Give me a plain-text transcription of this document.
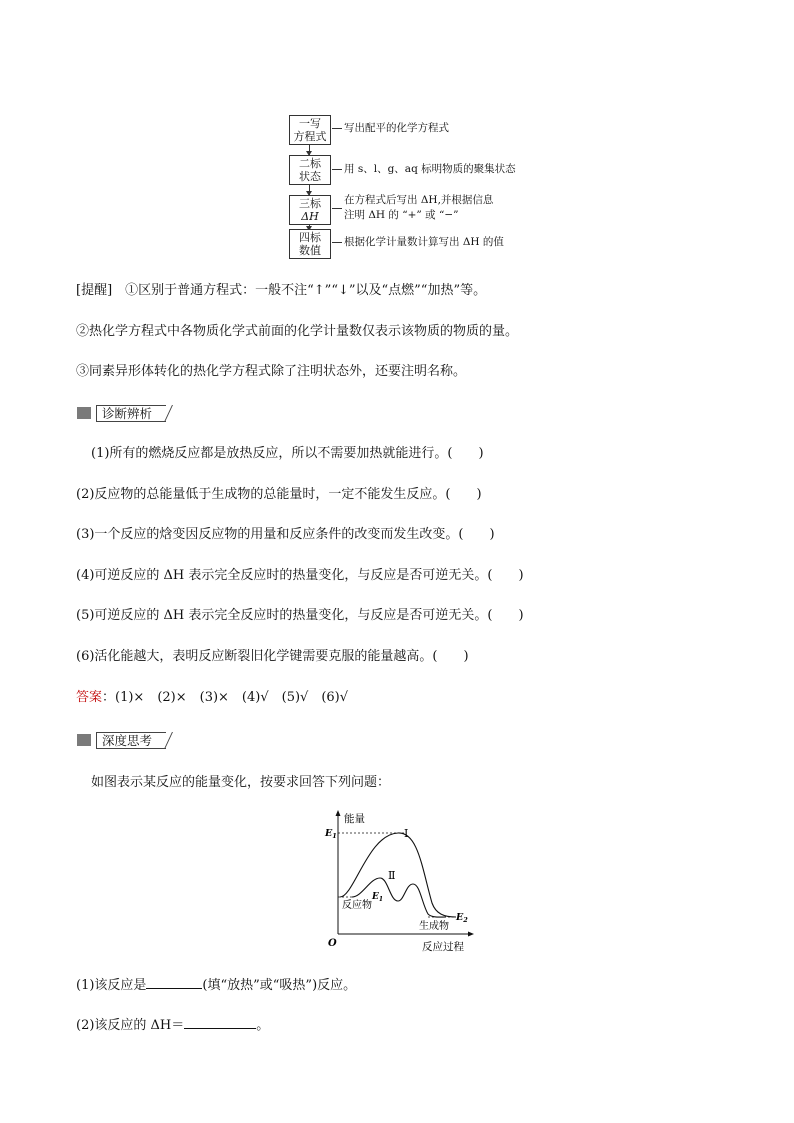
一写
方程式
写出配平的化学方程式
二标
状态
用 s、l、g、aq 标明物质的聚集状态
三标
ΔH
在方程式后写出 ΔH,并根据信息
注明 ΔH 的 “+” 或 “−”
四标
数值
根据化学计量数计算写出 ΔH 的值
[提醒]　①区别于普通方程式：一般不注“↑”“↓”以及“点燃”“加热”等。
②热化学方程式中各物质化学式前面的化学计量数仅表示该物质的物质的量。
③同素异形体转化的热化学方程式除了注明状态外，还要注明名称。
诊断辨析
(1)所有的燃烧反应都是放热反应，所以不需要加热就能进行。(　　)
(2)反应物的总能量低于生成物的总能量时，一定不能发生反应。(　　)
(3)一个反应的焓变因反应物的用量和反应条件的改变而发生改变。(　　)
(4)可逆反应的 ΔH 表示完全反应时的热量变化，与反应是否可逆无关。(　　)
(5)可逆反应的 ΔH 表示完全反应时的热量变化，与反应是否可逆无关。(　　)
(6)活化能越大，表明反应断裂旧化学键需要克服的能量越高。(　　)
答案：(1)×　(2)×　(3)×　(4)√　(5)√　(6)√
深度思考
如图表示某反应的能量变化，按要求回答下列问题：
能量
反应过程
O
$E_1$	Ⅰ
Ⅱ
$E_1$
反应物
生成物
$E_2$
(1)该反应是	(填“放热”或“吸热”)反应。
(2)该反应的 ΔH＝	。
